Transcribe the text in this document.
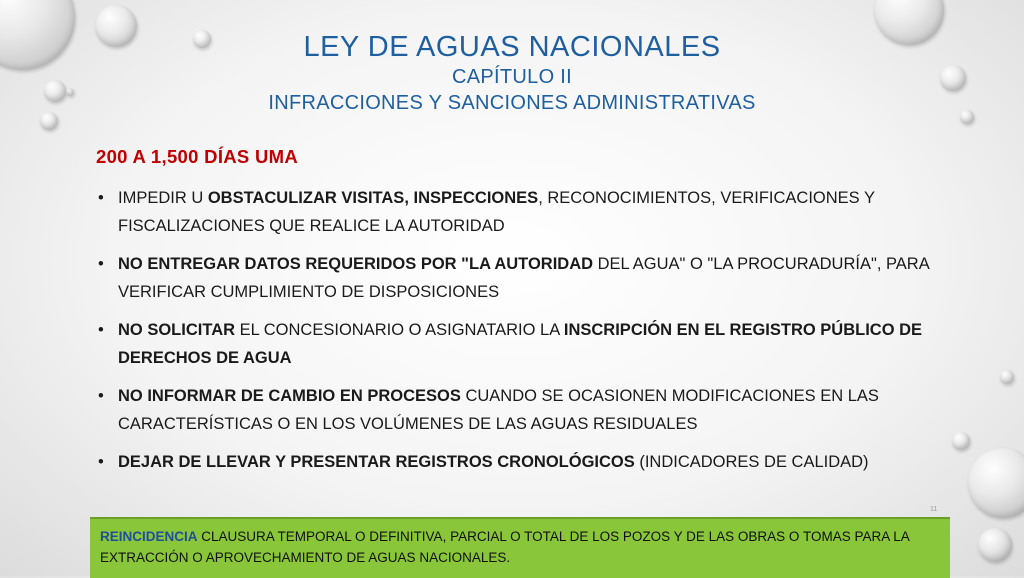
LEY DE AGUAS NACIONALES
CAPÍTULO II
INFRACCIONES Y SANCIONES ADMINISTRATIVAS
200 A 1,500 DÍAS UMA
• IMPEDIR U OBSTACULIZAR VISITAS, INSPECCIONES, RECONOCIMIENTOS, VERIFICACIONES Y FISCALIZACIONES QUE REALICE LA AUTORIDAD
• NO ENTREGAR DATOS REQUERIDOS POR "LA AUTORIDAD DEL AGUA" O "LA PROCURADURÍA", PARA VERIFICAR CUMPLIMIENTO DE DISPOSICIONES
• NO SOLICITAR EL CONCESIONARIO O ASIGNATARIO LA INSCRIPCIÓN EN EL REGISTRO PÚBLICO DE DERECHOS DE AGUA
• NO INFORMAR DE CAMBIO EN PROCESOS CUANDO SE OCASIONEN MODIFICACIONES EN LAS CARACTERÍSTICAS O EN LOS VOLÚMENES DE LAS AGUAS RESIDUALES
• DEJAR DE LLEVAR Y PRESENTAR REGISTROS CRONOLÓGICOS (INDICADORES DE CALIDAD)
11
REINCIDENCIA CLAUSURA TEMPORAL O DEFINITIVA, PARCIAL O TOTAL DE LOS POZOS Y DE LAS OBRAS O TOMAS PARA LA EXTRACCIÓN O APROVECHAMIENTO DE AGUAS NACIONALES.
